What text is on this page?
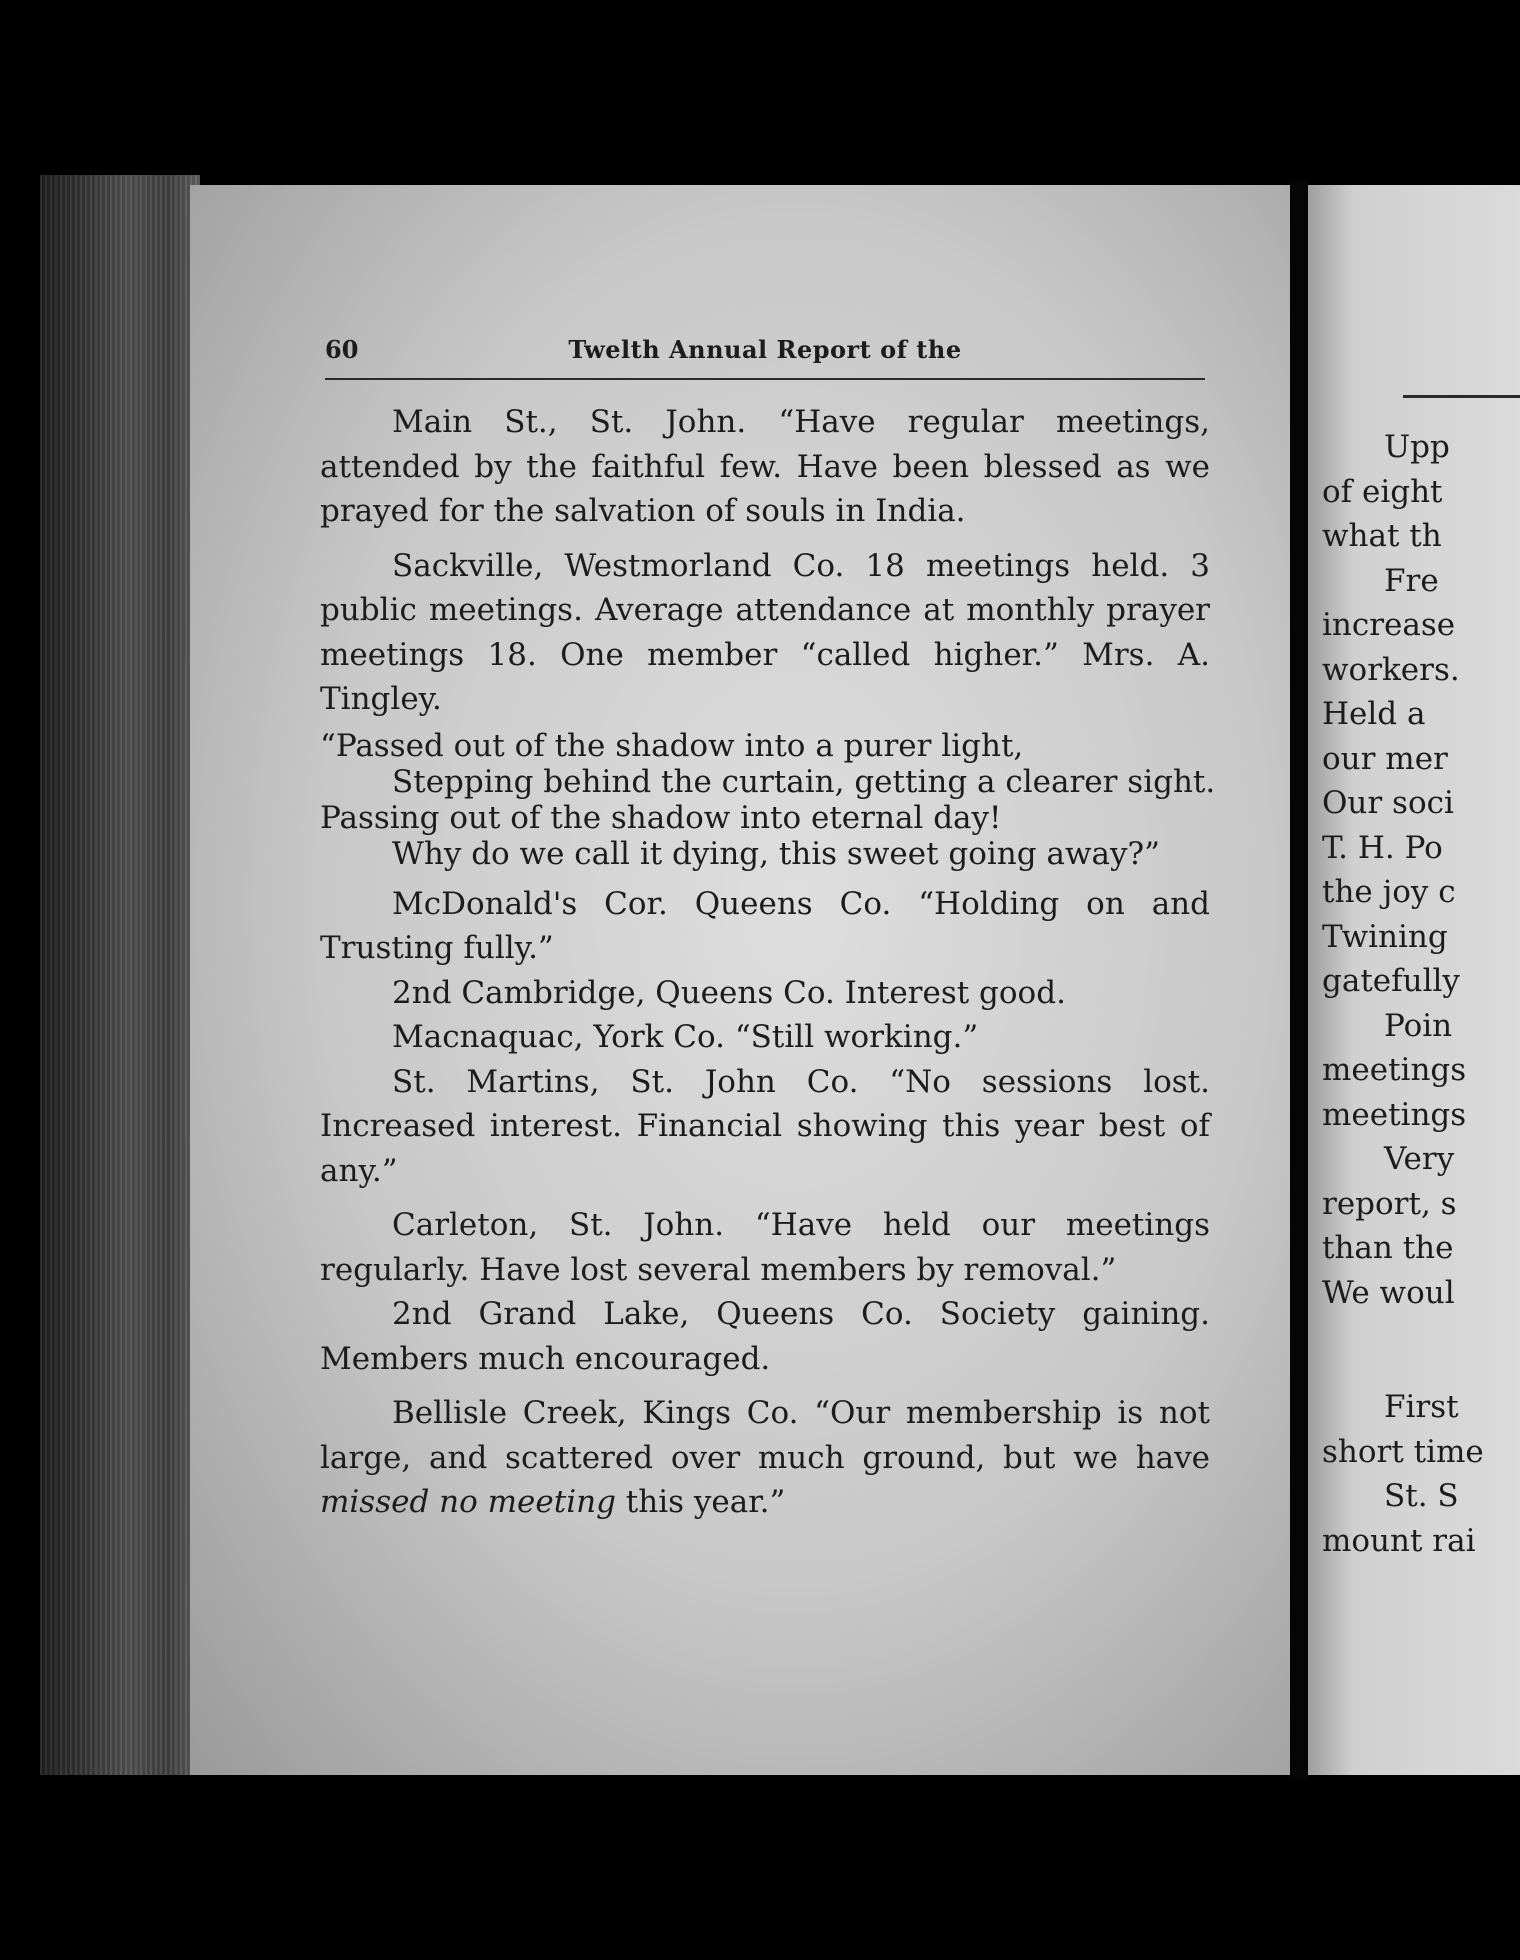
60	Twelth Annual Report of the

Main St., St. John. “Have regular meetings, attended by the faithful few. Have been blessed as we prayed for the salvation of souls in India.

Sackville, Westmorland Co. 18 meetings held. 3 public meetings. Average attendance at monthly prayer meetings 18. One member “called higher.” Mrs. A. Tingley.

“Passed out of the shadow into a purer light,
Stepping behind the curtain, getting a clearer sight.
Passing out of the shadow into eternal day!
Why do we call it dying, this sweet going away?”

McDonald's Cor. Queens Co. “Holding on and Trusting fully.”

2nd Cambridge, Queens Co. Interest good.

Macnaquac, York Co. “Still working.”

St. Martins, St. John Co. “No sessions lost. Increased interest. Financial showing this year best of any.”

Carleton, St. John. “Have held our meetings regularly. Have lost several members by removal.”

2nd Grand Lake, Queens Co. Society gaining. Members much encouraged.

Bellisle Creek, Kings Co. “Our membership is not large, and scattered over much ground, but we have missed no meeting this year.”

Upp
of eight
what th
Fre
increase
workers.
Held a
our mer
Our soci
T. H. Po
the joy c
Twining
gatefully
Poin
meetings
meetings
Very
report, s
than the
We woul
First
short time
St. S
mount rai
